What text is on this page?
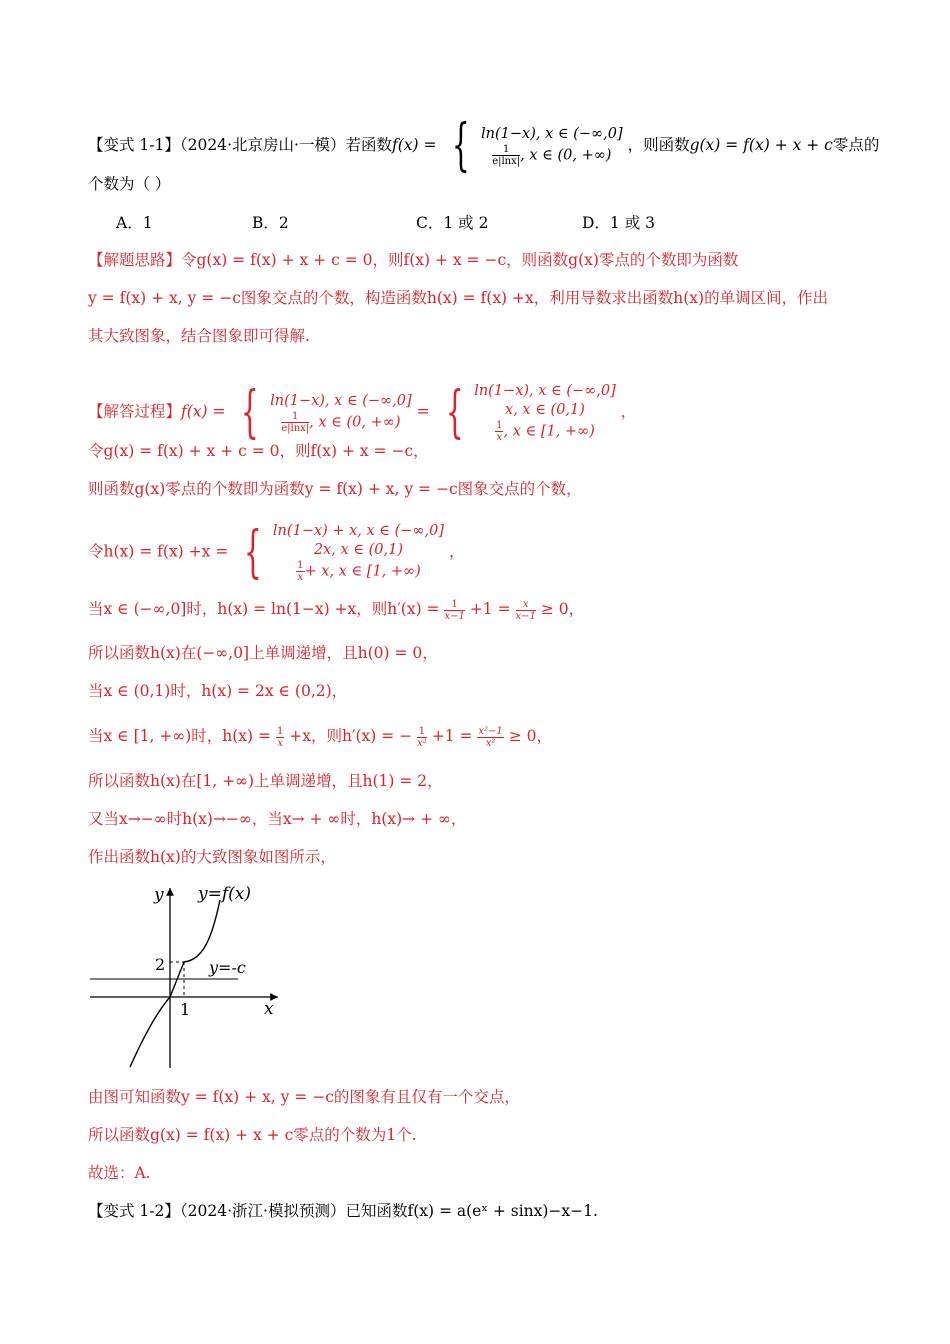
【变式 1-1】（2024·北京房山·一模）若函数f(x) = { ln(1−x), x ∈ (−∞,0]
$\frac{1}{e|\ln x|}$ , x ∈ (0, +∞)
，则函数g(x) = f(x) + x + c零点的
个数为（ ）
A．1	B．2	C．1 或 2	D．1 或 3
【解题思路】令g(x) = f(x) + x + c = 0，则f(x) + x = −c，则函数g(x)零点的个数即为函数
y = f(x) + x, y = −c图象交点的个数，构造函数h(x) = f(x) +x，利用导数求出函数h(x)的单调区间，作出
其大致图象，结合图象即可得解.
【解答过程】f(x) = { ln(1−x), x ∈ (−∞,0]
$\frac{1}{e|\ln x|}$ , x ∈ (0, +∞)
= { ln(1−x), x ∈ (−∞,0]
x, x ∈ (0,1)
$\frac{1}{x}$ , x ∈ [1, +∞)
，
令g(x) = f(x) + x + c = 0，则f(x) + x = −c，
则函数g(x)零点的个数即为函数y = f(x) + x, y = −c图象交点的个数，
令h(x) = f(x) +x = { ln(1−x) + x, x ∈ (−∞,0]
2x, x ∈ (0,1)
$\frac{1}{x} + x$, x ∈ [1, +∞)
，
当x ∈ (−∞,0]时，h(x) = ln(1−x) +x，则$h'(x) = \frac{1}{x-1} +1 = \frac{x}{x-1} \ge 0$，
所以函数h(x)在(−∞,0]上单调递增，且h(0) = 0，
当x ∈ (0,1)时，h(x) = 2x ∈ (0,2)，
当x ∈ [1, +∞)时，$h(x) = \frac{1}{x} +x$，则h′(x) = − $\frac{1}{\text{x²}} +1 = \frac{\text{x²−1}}{\text{x²}} \ge 0$，
所以函数h(x)在[1, +∞)上单调递增，且h(1) = 2，
又当x→−∞时h(x)→−∞，当x→ + ∞时，h(x)→ + ∞，
作出函数h(x)的大致图象如图所示，
y
x
y=f(x)
y=-c
2
1
由图可知函数y = f(x) + x, y = −c的图象有且仅有一个交点，
所以函数g(x) = f(x) + x + c零点的个数为1个.
故选：A.
【变式 1-2】（2024·浙江·模拟预测）已知函数f(x) = a(eˣ + sinx)−x−1.
